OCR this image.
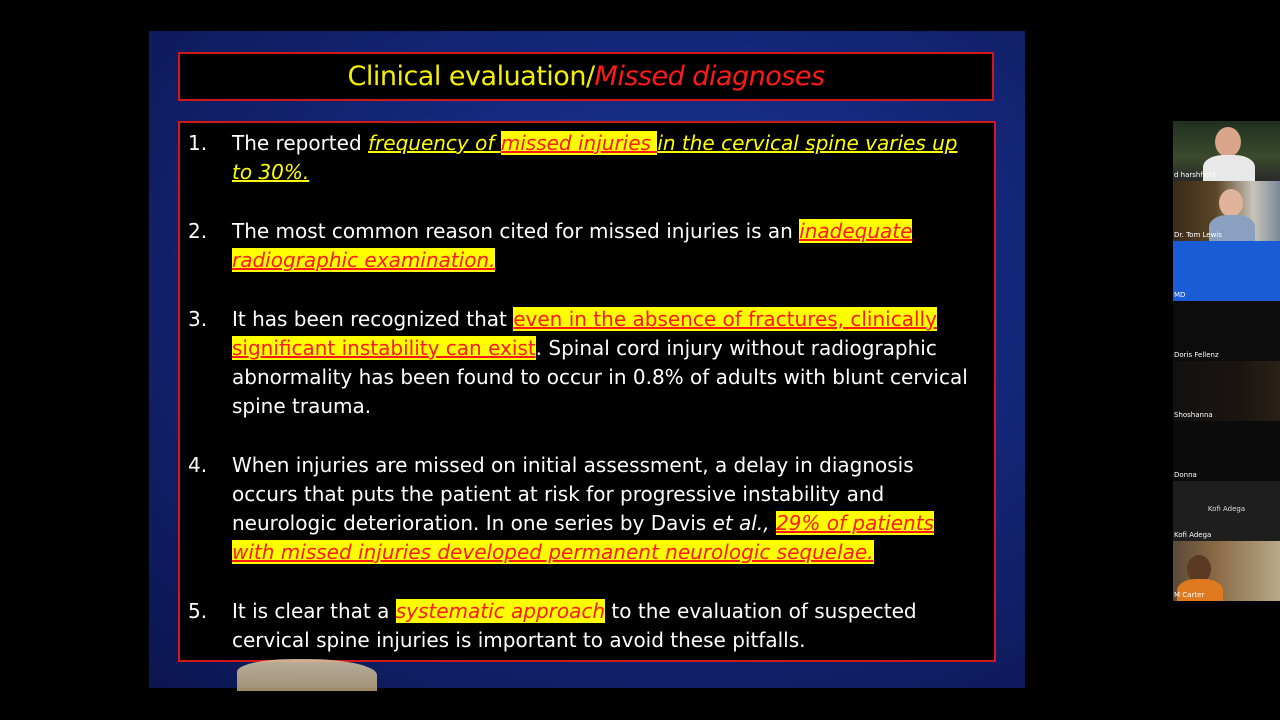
Clinical evaluation/ Missed diagnoses
1.	The reported frequency of missed injuries in the cervical spine varies up to 30%.
2.	The most common reason cited for missed injuries is an inadequate radiographic examination.
3.	It has been recognized that even in the absence of fractures, clinically significant instability can exist. Spinal cord injury without radiographic abnormality has been found to occur in 0.8% of adults with blunt cervical spine trauma.
4.	When injuries are missed on initial assessment, a delay in diagnosis occurs that puts the patient at risk for progressive instability and neurologic deterioration. In one series by Davis et al., 29% of patients with missed injuries developed permanent neurologic sequelae.
5.	It is clear that a systematic approach to the evaluation of suspected cervical spine injuries is important to avoid these pitfalls.
d harshfield
Dr. Tom Lewis
MD
Doris Fellenz
Shoshanna
Donna
Kofi Adega
Kofi Adega
M Carter
